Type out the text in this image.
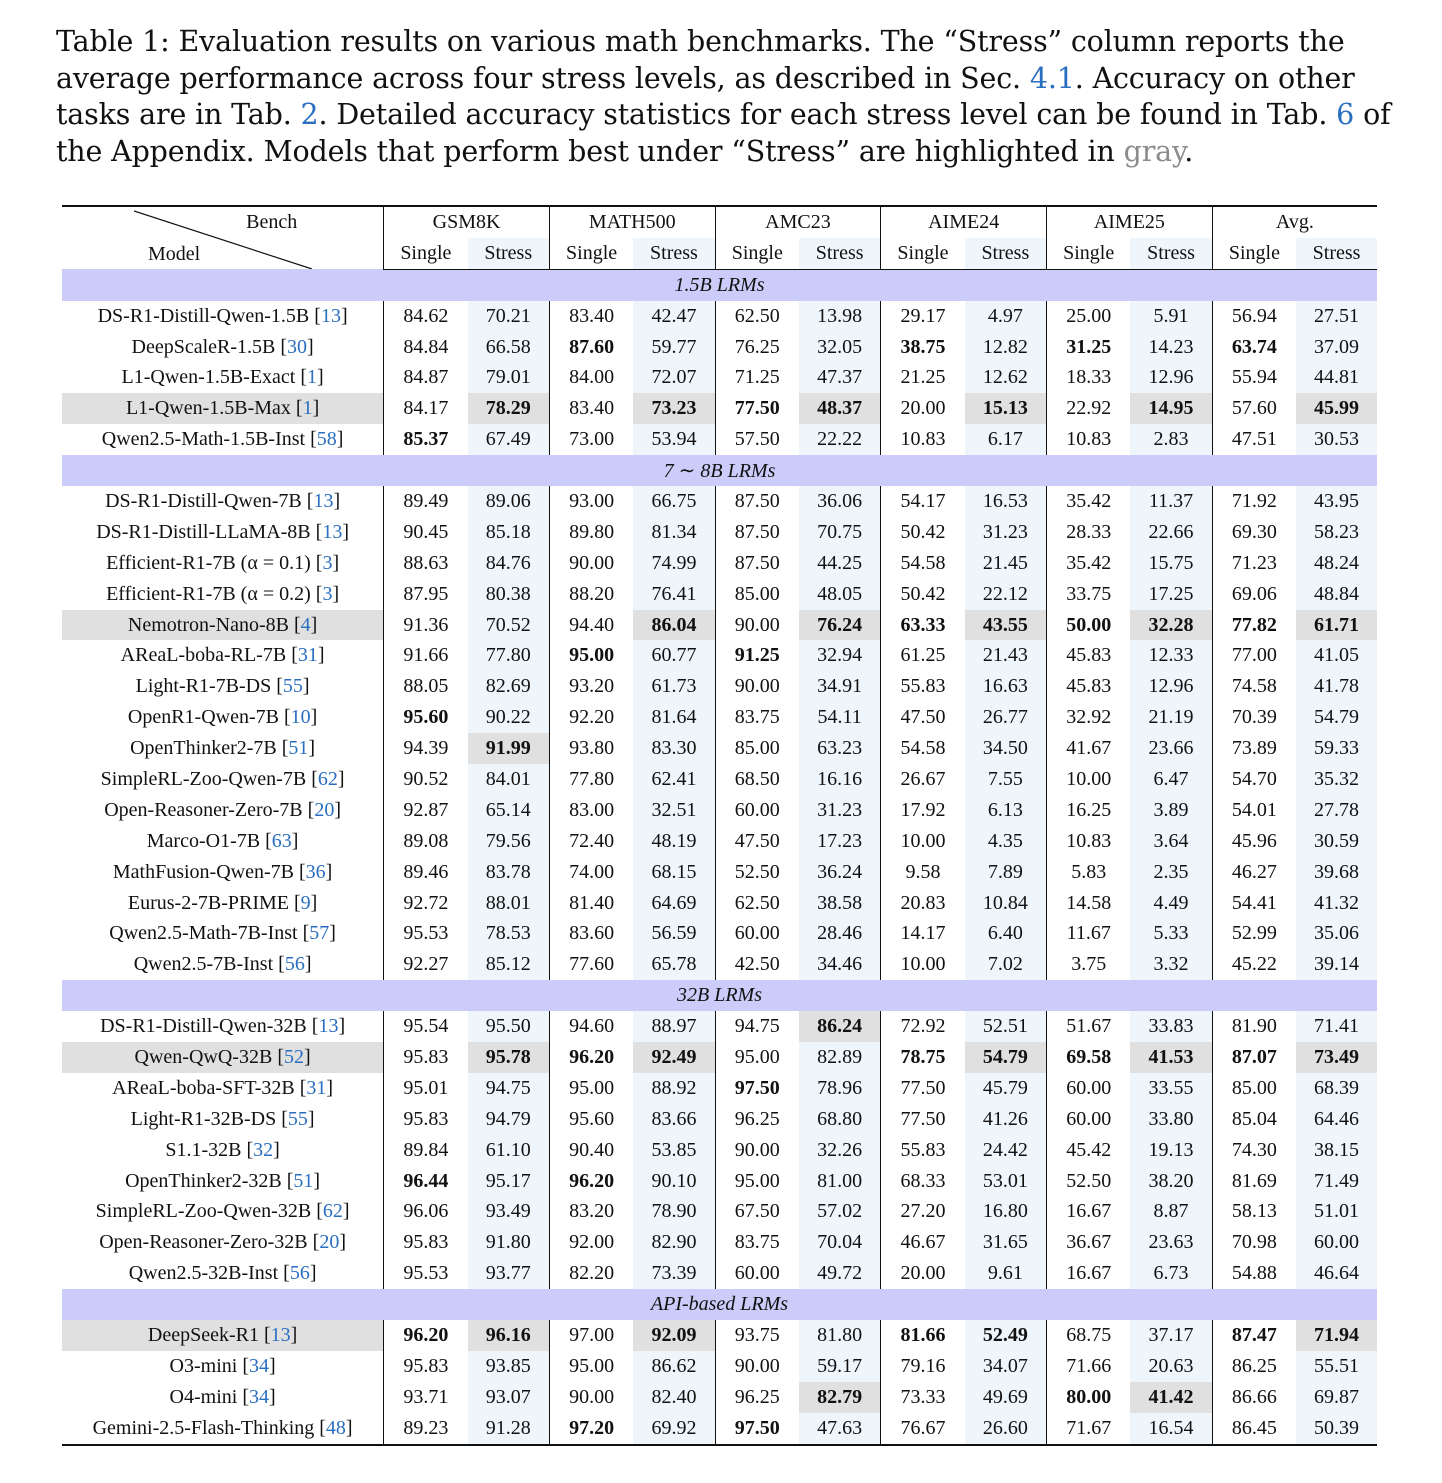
Table 1: Evaluation results on various math benchmarks. The “Stress” column reports the average performance across four stress levels, as described in Sec. 4.1. Accuracy on other tasks are in Tab. 2. Detailed accuracy statistics for each stress level can be found in Tab. 6 of the Appendix. Models that perform best under “Stress” are highlighted in gray.

Bench
Model	GSM8K		MATH500		AMC23		AIME24		AIME25		Avg.	
	Single	Stress	Single	Stress	Single	Stress	Single	Stress	Single	Stress	Single	Stress
1.5B LRMs												
DS-R1-Distill-Qwen-1.5B [13]	84.62	70.21	83.40	42.47	62.50	13.98	29.17	4.97	25.00	5.91	56.94	27.51
DeepScaleR-1.5B [30]	84.84	66.58	87.60	59.77	76.25	32.05	38.75	12.82	31.25	14.23	63.74	37.09
L1-Qwen-1.5B-Exact [1]	84.87	79.01	84.00	72.07	71.25	47.37	21.25	12.62	18.33	12.96	55.94	44.81
L1-Qwen-1.5B-Max [1]	84.17	78.29	83.40	73.23	77.50	48.37	20.00	15.13	22.92	14.95	57.60	45.99
Qwen2.5-Math-1.5B-Inst [58]	85.37	67.49	73.00	53.94	57.50	22.22	10.83	6.17	10.83	2.83	47.51	30.53
7 ∼ 8B LRMs												
DS-R1-Distill-Qwen-7B [13]	89.49	89.06	93.00	66.75	87.50	36.06	54.17	16.53	35.42	11.37	71.92	43.95
DS-R1-Distill-LLaMA-8B [13]	90.45	85.18	89.80	81.34	87.50	70.75	50.42	31.23	28.33	22.66	69.30	58.23
Efficient-R1-7B (α = 0.1) [3]	88.63	84.76	90.00	74.99	87.50	44.25	54.58	21.45	35.42	15.75	71.23	48.24
Efficient-R1-7B (α = 0.2) [3]	87.95	80.38	88.20	76.41	85.00	48.05	50.42	22.12	33.75	17.25	69.06	48.84
Nemotron-Nano-8B [4]	91.36	70.52	94.40	86.04	90.00	76.24	63.33	43.55	50.00	32.28	77.82	61.71
AReaL-boba-RL-7B [31]	91.66	77.80	95.00	60.77	91.25	32.94	61.25	21.43	45.83	12.33	77.00	41.05
Light-R1-7B-DS [55]	88.05	82.69	93.20	61.73	90.00	34.91	55.83	16.63	45.83	12.96	74.58	41.78
OpenR1-Qwen-7B [10]	95.60	90.22	92.20	81.64	83.75	54.11	47.50	26.77	32.92	21.19	70.39	54.79
OpenThinker2-7B [51]	94.39	91.99	93.80	83.30	85.00	63.23	54.58	34.50	41.67	23.66	73.89	59.33
SimpleRL-Zoo-Qwen-7B [62]	90.52	84.01	77.80	62.41	68.50	16.16	26.67	7.55	10.00	6.47	54.70	35.32
Open-Reasoner-Zero-7B [20]	92.87	65.14	83.00	32.51	60.00	31.23	17.92	6.13	16.25	3.89	54.01	27.78
Marco-O1-7B [63]	89.08	79.56	72.40	48.19	47.50	17.23	10.00	4.35	10.83	3.64	45.96	30.59
MathFusion-Qwen-7B [36]	89.46	83.78	74.00	68.15	52.50	36.24	9.58	7.89	5.83	2.35	46.27	39.68
Eurus-2-7B-PRIME [9]	92.72	88.01	81.40	64.69	62.50	38.58	20.83	10.84	14.58	4.49	54.41	41.32
Qwen2.5-Math-7B-Inst [57]	95.53	78.53	83.60	56.59	60.00	28.46	14.17	6.40	11.67	5.33	52.99	35.06
Qwen2.5-7B-Inst [56]	92.27	85.12	77.60	65.78	42.50	34.46	10.00	7.02	3.75	3.32	45.22	39.14
32B LRMs												
DS-R1-Distill-Qwen-32B [13]	95.54	95.50	94.60	88.97	94.75	86.24	72.92	52.51	51.67	33.83	81.90	71.41
Qwen-QwQ-32B [52]	95.83	95.78	96.20	92.49	95.00	82.89	78.75	54.79	69.58	41.53	87.07	73.49
AReaL-boba-SFT-32B [31]	95.01	94.75	95.00	88.92	97.50	78.96	77.50	45.79	60.00	33.55	85.00	68.39
Light-R1-32B-DS [55]	95.83	94.79	95.60	83.66	96.25	68.80	77.50	41.26	60.00	33.80	85.04	64.46
S1.1-32B [32]	89.84	61.10	90.40	53.85	90.00	32.26	55.83	24.42	45.42	19.13	74.30	38.15
OpenThinker2-32B [51]	96.44	95.17	96.20	90.10	95.00	81.00	68.33	53.01	52.50	38.20	81.69	71.49
SimpleRL-Zoo-Qwen-32B [62]	96.06	93.49	83.20	78.90	67.50	57.02	27.20	16.80	16.67	8.87	58.13	51.01
Open-Reasoner-Zero-32B [20]	95.83	91.80	92.00	82.90	83.75	70.04	46.67	31.65	36.67	23.63	70.98	60.00
Qwen2.5-32B-Inst [56]	95.53	93.77	82.20	73.39	60.00	49.72	20.00	9.61	16.67	6.73	54.88	46.64
API-based LRMs												
DeepSeek-R1 [13]	96.20	96.16	97.00	92.09	93.75	81.80	81.66	52.49	68.75	37.17	87.47	71.94
O3-mini [34]	95.83	93.85	95.00	86.62	90.00	59.17	79.16	34.07	71.66	20.63	86.25	55.51
O4-mini [34]	93.71	93.07	90.00	82.40	96.25	82.79	73.33	49.69	80.00	41.42	86.66	69.87
Gemini-2.5-Flash-Thinking [48]	89.23	91.28	97.20	69.92	97.50	47.63	76.67	26.60	71.67	16.54	86.45	50.39
